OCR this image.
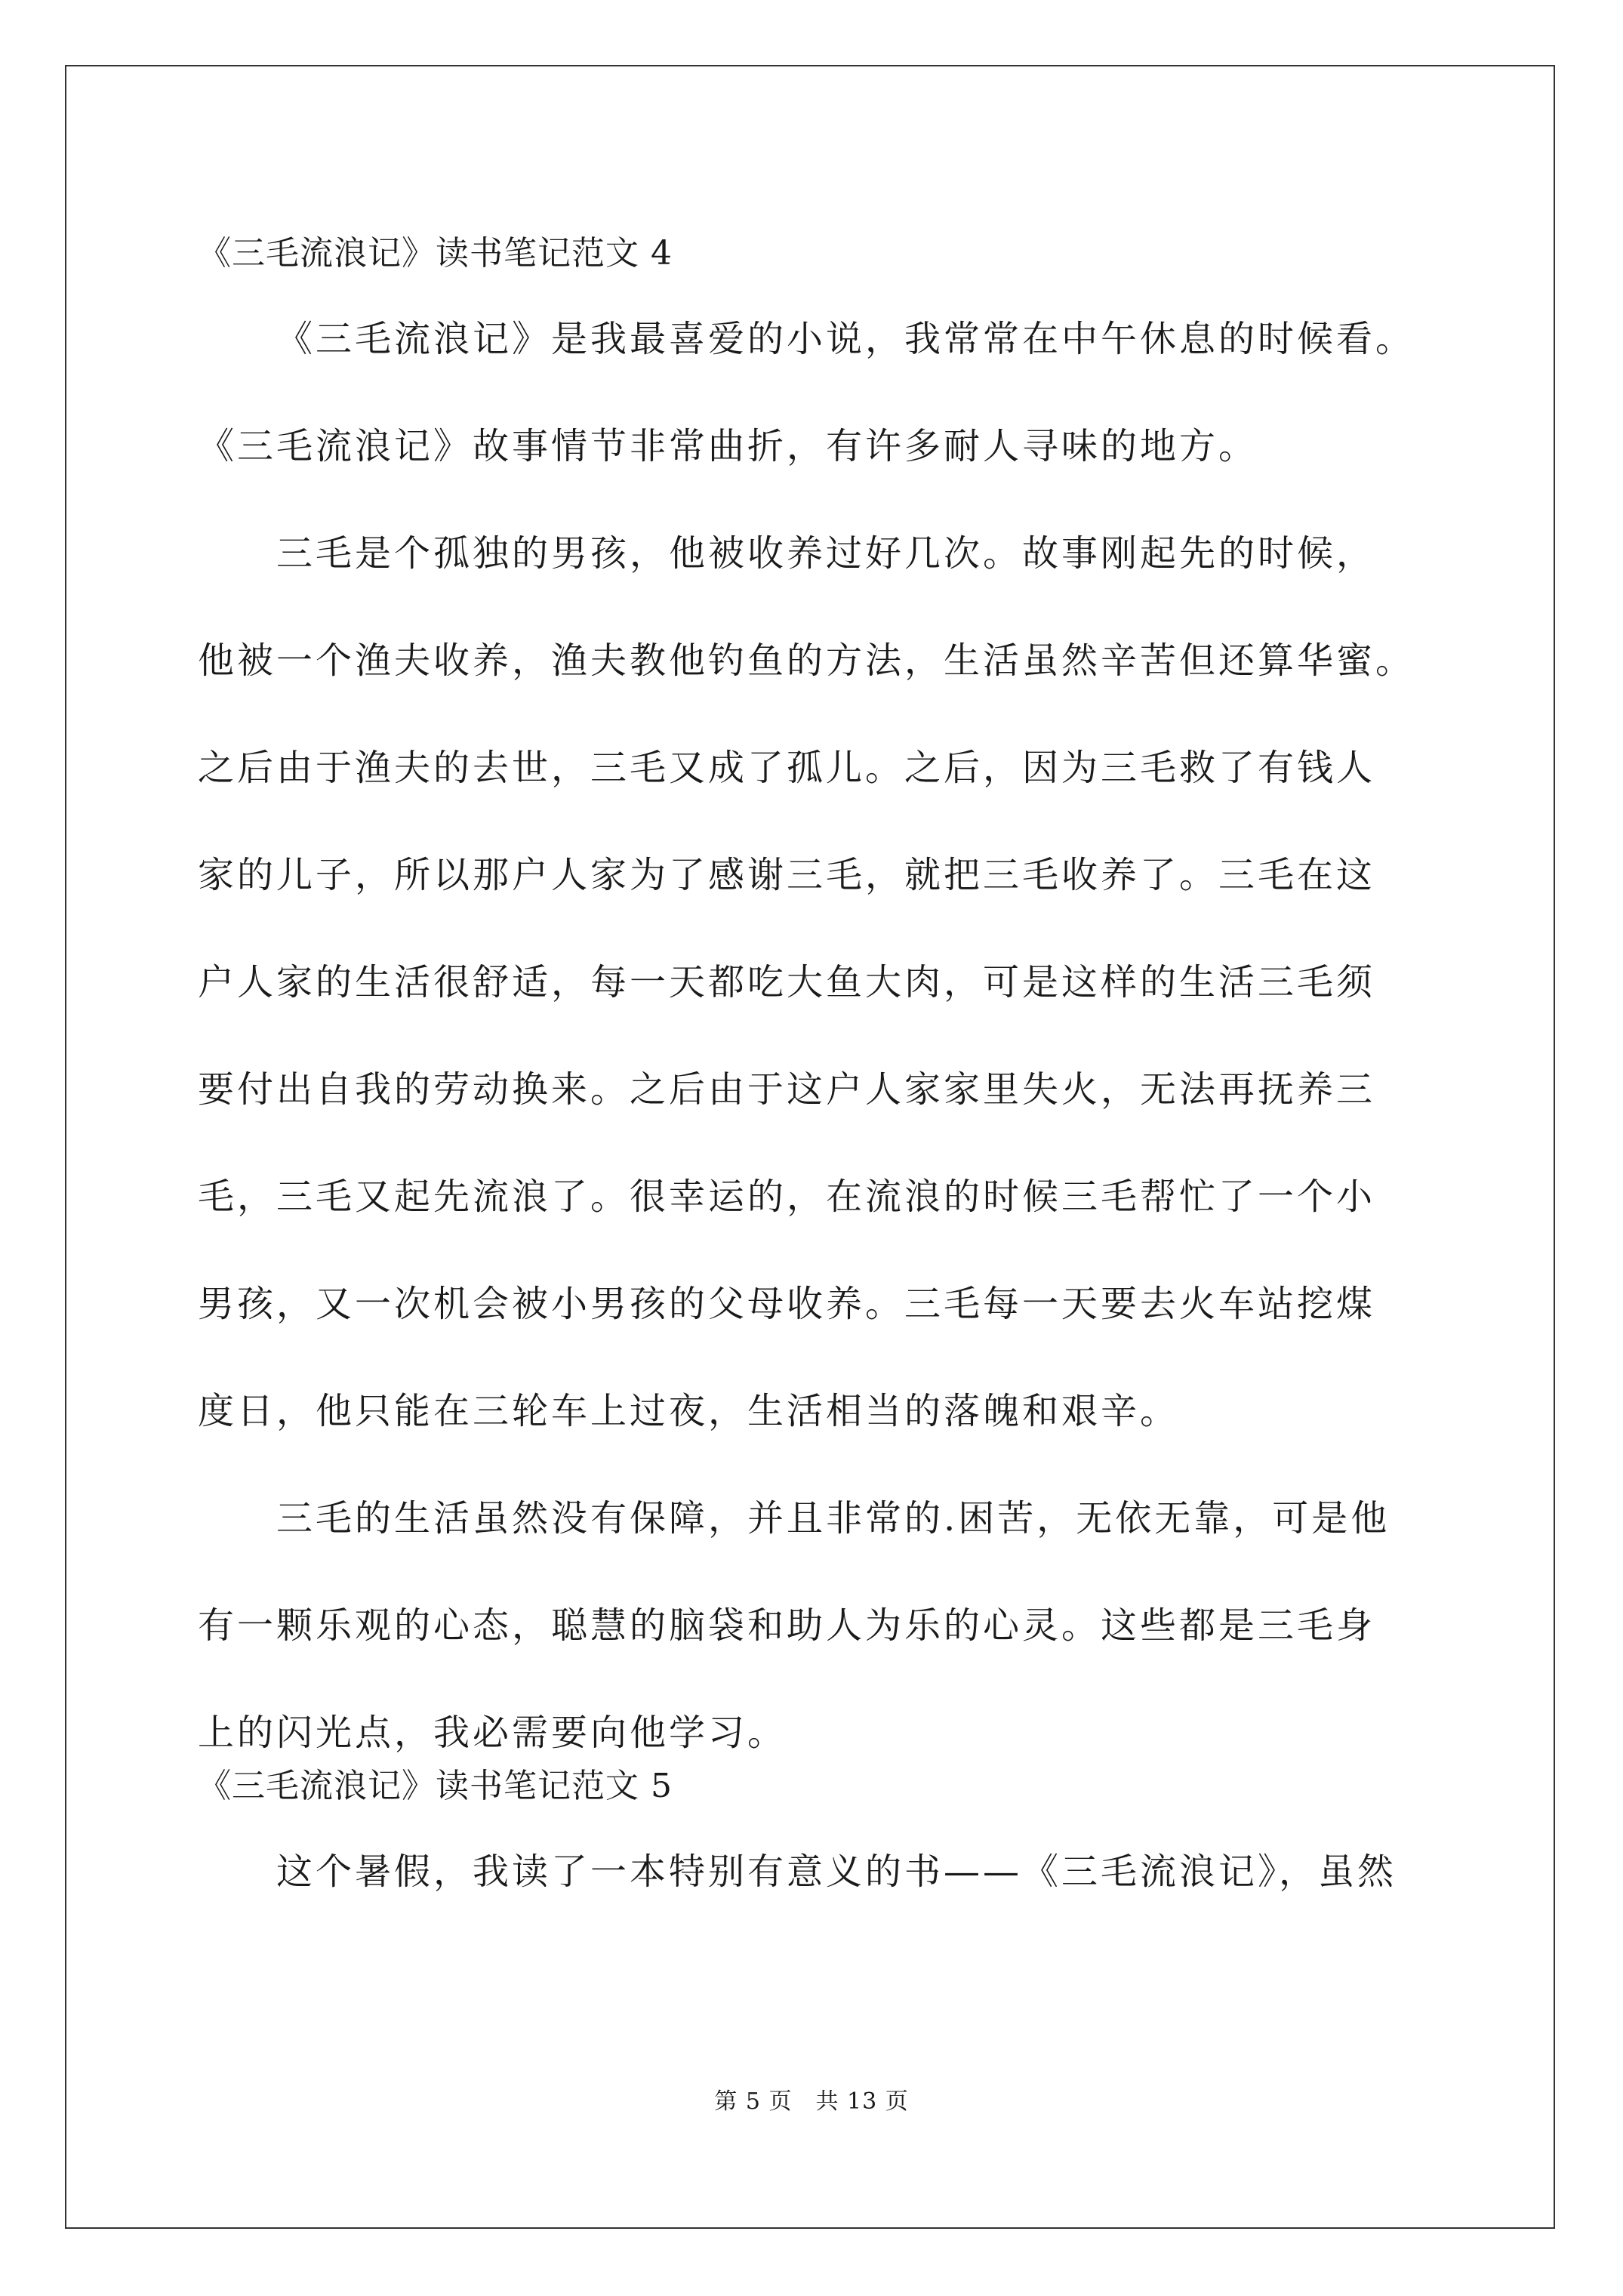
《三毛流浪记》读书笔记范文 4
《三毛流浪记》是我最喜爱的小说，我常常在中午休息的时候看。
《三毛流浪记》故事情节非常曲折，有许多耐人寻味的地方。
三毛是个孤独的男孩，他被收养过好几次。故事刚起先的时候，
他被一个渔夫收养，渔夫教他钓鱼的方法，生活虽然辛苦但还算华蜜。
之后由于渔夫的去世，三毛又成了孤儿。之后，因为三毛救了有钱人
家的儿子，所以那户人家为了感谢三毛，就把三毛收养了。三毛在这
户人家的生活很舒适，每一天都吃大鱼大肉，可是这样的生活三毛须
要付出自我的劳动换来。之后由于这户人家家里失火，无法再抚养三
毛，三毛又起先流浪了。很幸运的，在流浪的时候三毛帮忙了一个小
男孩，又一次机会被小男孩的父母收养。三毛每一天要去火车站挖煤
度日，他只能在三轮车上过夜，生活相当的落魄和艰辛。
三毛的生活虽然没有保障，并且非常的.困苦，无依无靠，可是他
有一颗乐观的心态，聪慧的脑袋和助人为乐的心灵。这些都是三毛身
上的闪光点，我必需要向他学习。
《三毛流浪记》读书笔记范文 5
这个暑假，我读了一本特别有意义的书——《三毛流浪记》，虽然
第 5 页　共 13 页
